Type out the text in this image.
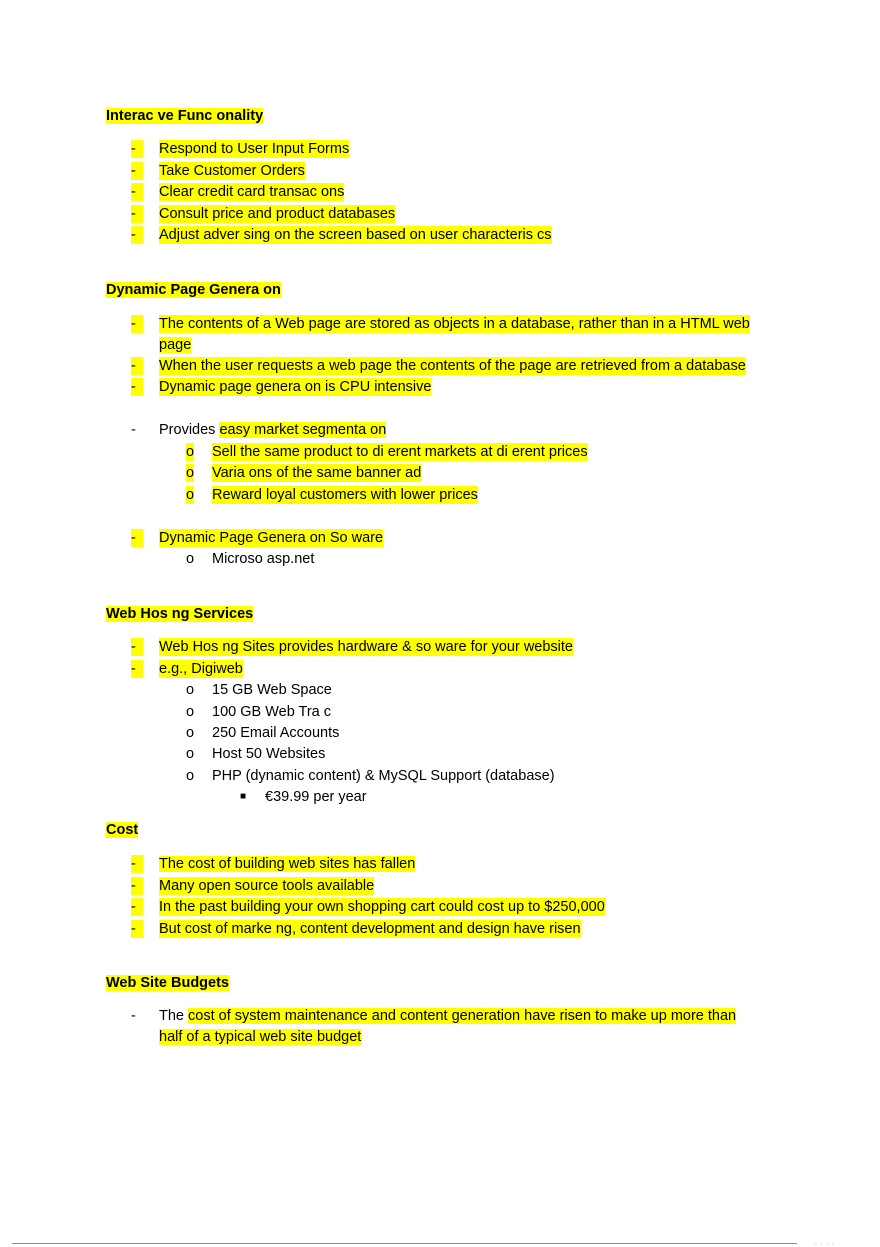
Interac ve Func onality
-	Respond to User Input Forms
-	Take Customer Orders
-	Clear credit card transac ons
-	Consult price and product databases
-	Adjust adver sing on the screen based on user characteris cs
Dynamic Page Genera on
-	The contents of a Web page are stored as objects in a database, rather than in a HTML web
page
-	When the user requests a web page the contents of the page are retrieved from a database
-	Dynamic page genera on is CPU intensive
-	Provides easy market segmenta on
o Sell the same product to di erent markets at di erent prices
o Varia ons of the same banner ad
o Reward loyal customers with lower prices
-	Dynamic Page Genera on So ware
o Microso asp.net
Web Hos ng Services
-	Web Hos ng Sites provides hardware & so ware for your website
-	e.g., Digiweb
o 15 GB Web Space
o 100 GB Web Tra c
o 250 Email Accounts
o Host 50 Websites
o PHP (dynamic content) & MySQL Support (database)
■ €39.99 per year
Cost
-	The cost of building web sites has fallen
-	Many open source tools available
-	In the past building your own shopping cart could cost up to $250,000
-	But cost of marke ng, content development and design have risen
Web Site Budgets
-	The cost of system maintenance and content generation have risen to make up more than
half of a typical web site budget
....
